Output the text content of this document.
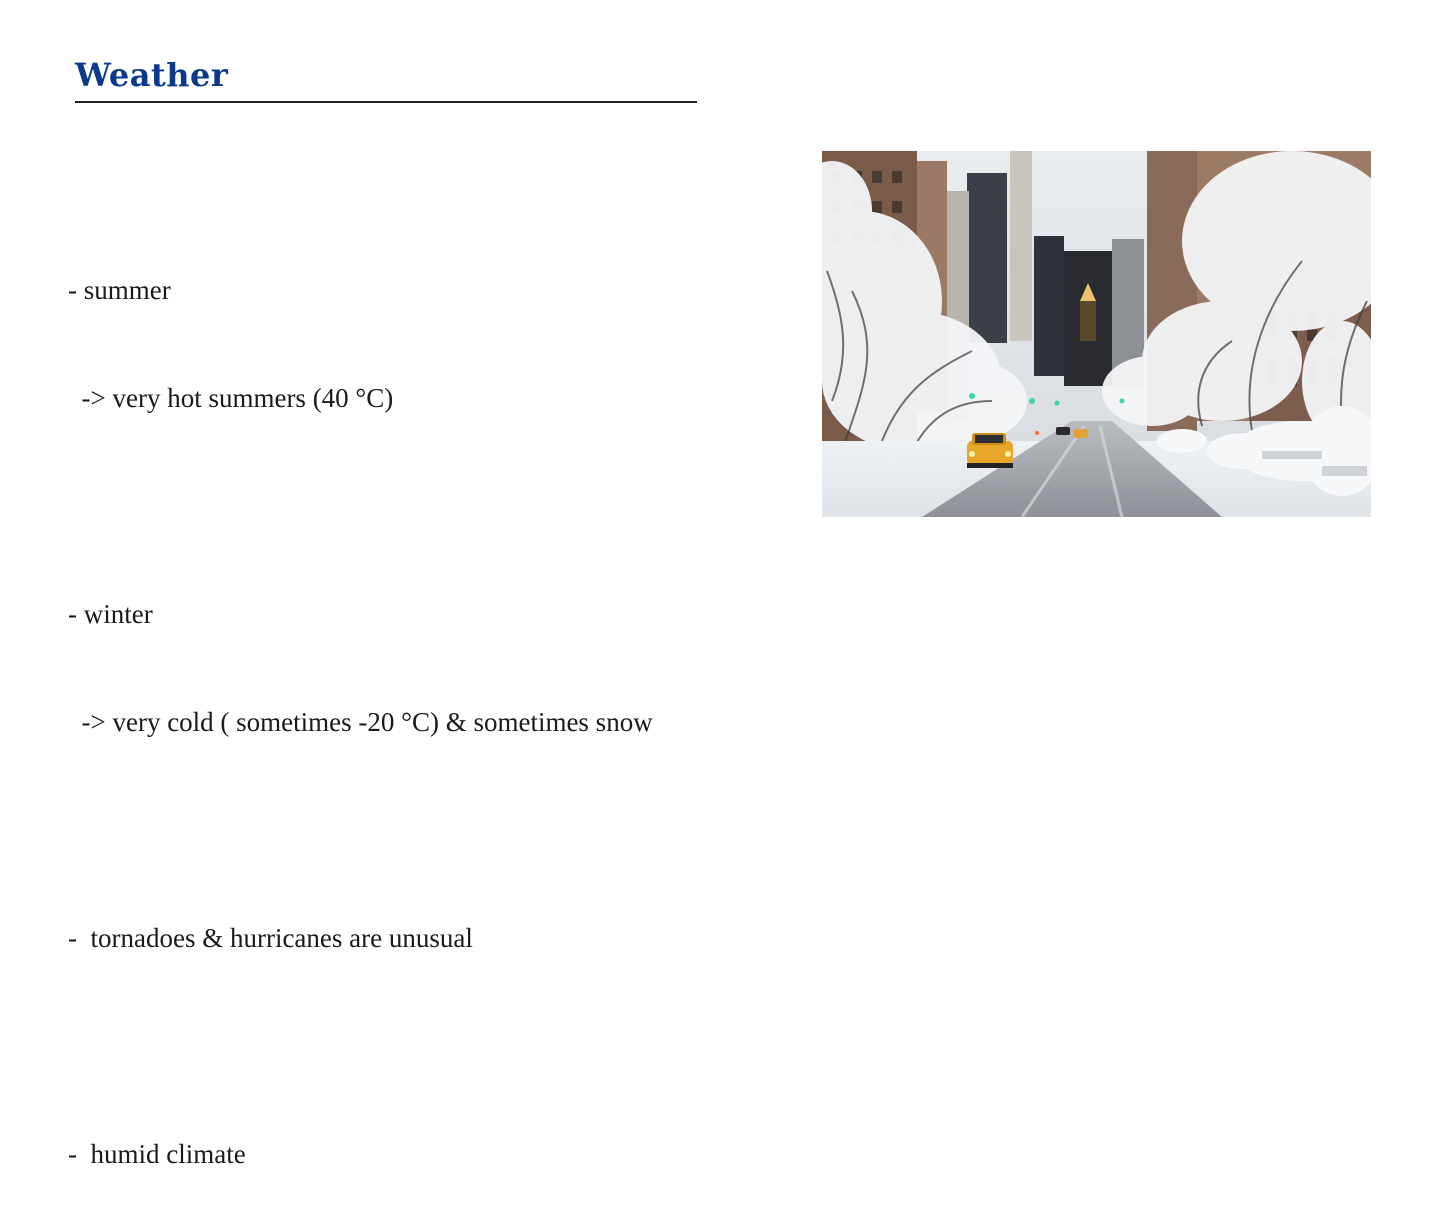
Weather

- summer

-> very hot summers (40 °C)

- winter

-> very cold ( sometimes -20 °C) & sometimes snow

-  tornadoes & hurricanes are unusual

-  humid climate
